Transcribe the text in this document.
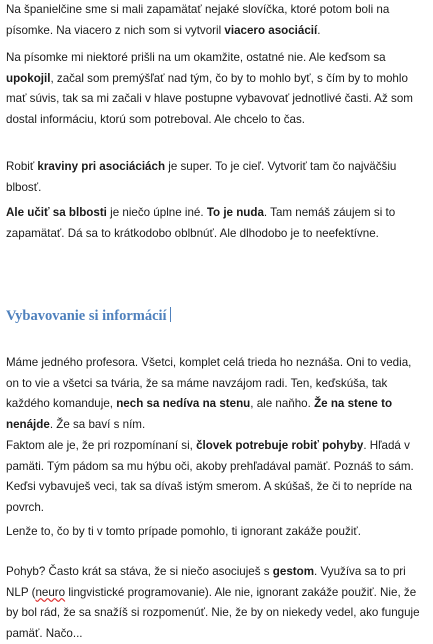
Vybavovanie si informácií

Na španielčine sme si mali zapamätať nejaké slovíčka, ktoré potom boli na písomke. Na viacero z nich som si vytvoril viacero asociácií.

Na písomke mi niektoré prišli na um okamžite, ostatné nie. Ale keďsom sa upokojil, začal som premýšľať nad tým, čo by to mohlo byť, s čím by to mohlo mať súvis, tak sa mi začali v hlave postupne vybavovať jednotlivé časti. Až som dostal informáciu, ktorú som potreboval. Ale chcelo to čas.

Robiť kraviny pri asociáciách je super. To je cieľ. Vytvoriť tam čo najväčšiu blbosť.

Ale učiť sa blbosti je niečo úplne iné. To je nuda. Tam nemáš záujem si to zapamätať. Dá sa to krátkodobo oblbnúť. Ale dlhodobo je to neefektívne.

Máme jedného profesora. Všetci, komplet celá trieda ho neznáša. Oni to vedia, on to vie a všetci sa tvária, že sa máme navzájom radi. Ten, keďskúša, tak každého komanduje, nech sa nedíva na stenu, ale naňho. Že na stene to nenájde. Že sa baví s ním.

Faktom ale je, že pri rozpomínaní si, človek potrebuje robiť pohyby. Hľadá v pamäti. Tým pádom sa mu hýbu oči, akoby prehľadával pamäť. Poznáš to sám. Keďsi vybavuješ veci, tak sa dívaš istým smerom. A skúšaš, že či to nepríde na povrch.

Lenže to, čo by ti v tomto prípade pomohlo, ti ignorant zakáže použiť.

Pohyb? Často krát sa stáva, že si niečo asociuješ s gestom. Využíva sa to pri NLP (neuro lingvistické programovanie). Ale nie, ignorant zakáže použiť. Nie, že by bol rád, že sa snažíš si rozpomenúť. Nie, že by on niekedy vedel, ako funguje pamäť. Načo...
